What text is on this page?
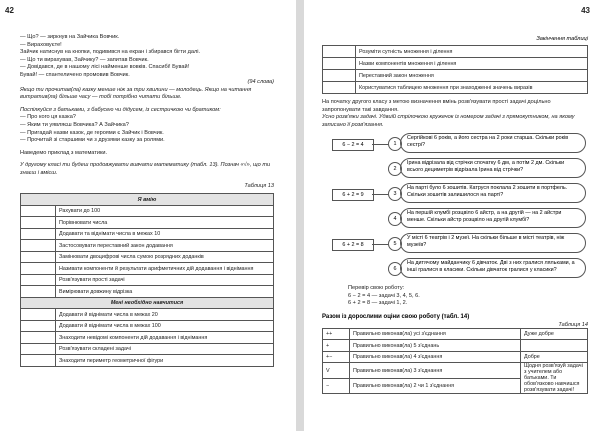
42
— Що? — зиркнув на Зайчика Вовчик.
— Вираховуєте!
Зайчик натиснув на кнопки, подивився на екран і збирався бігти далі.
— Що ти вирахував, Зайчику? — запитав Вовчик.
— Довідався, де в нашому лісі найменше вовків. Спасибі! Бувай!
Бувай! — спантеличено промовив Вовчик.
(94 слова)
Якщо ти прочитав(ла) казку менше ніж за три хвилини — молодець. Якщо на читання витратив(ла) більше часу — тобі потрібно читати більше.
Поспілкуйся з батьками, з бабусею чи дідусем, із сестричкою чи братиком:
— Про кого ця казка?
— Яким ти уявляєш Вовчика? А Зайчика?
— Пригадай назви казок, де героями є Зайчик і Вовчик.
— Прочитай зі старшими чи з друзями казку за ролями.
Наведемо приклад з математики.
У другому класі ти будеш продовжувати вивчати математику (табл. 13). Познач «√», що ти знаєш і вмієш.
Таблиця 13
Я вмію	
	Рахувати до 100
	Порівнювати числа
	Додавати та віднімати числа в межах 10
	Застосовувати переставний закон додавання
	Замінювати двоцифрові числа сумою розрядних доданків
	Називати компоненти й результати арифметичних дій додавання і віднімання
	Розв'язувати прості задачі
	Вимірювати довжину відрізка
Мені необхідно навчитися	
	Додавати й віднімати числа в межах 20
	Додавати й віднімати числа в межах 100
	Знаходити невідомі компоненти дій додавання і віднімання
	Розв'язувати складені задачі
	Знаходити периметр геометричної фігури
43
Закінчення таблиці
	Розуміти сутність множення і ділення
	Назви компонентів множення і ділення
	Переставний закон множення
	Користуватися таблицею множення при знаходженні значень виразів
На початку другого класу з метою визначення вмінь розв'язувати прості задачі доцільно запропонувати такі завдання.
Усно розв'яжи задачі. Удвиїй стрілочкою кружечок із номером задачі з прямокутником, на якому записано її розв'язання.
6 − 2 = 4	1
Сергійкові 6 років, а його сестра на 2 роки старша. Скільки років сестрі?
2
Ірина відрізала від стрічки спочатку 6 дм, а потім 2 дм. Скільки всього дециметрів відрізала Ірина від стрічки?
6 + 2 = 9	3
На парті було 6 зошитів. Катруся поклала 2 зошити в портфель. Скільки зошитів залишилося на парті?
4
На першій клумбі розцвіло 6 айстр, а на другій — на 2 айстри менше. Скільки айстр розцвіло на другій клумбі?
6 + 2 = 8	5
У місті 6 театрів і 2 музеї. На скільки більше в місті театрів, ніж музеїв?
6
На дитячому майданчику 6 дівчаток. Дві з них гралися ляльками, а інші гралися в класики. Скільки дівчаток гралися у класики?
Перевір свою роботу:
6 − 2 = 4 — задачі 3, 4, 5, 6.
6 + 2 = 8 — задачі 1, 2.
Разом із дорослими оціни свою роботу (табл. 14)
Таблиця 14
++	Правильно виконав(ла) усі з'єднання	Дуже добре
+	Правильно виконав(ла) 5 з'єднань	
+−	Правильно виконав(ла) 4 з'єднання	Добре
V	Правильно виконав(ла) 3 з'єднання	Щодня розв'язуй задачі з учителем або батьками. Ти обов'язково навчишся розв'язувати задачі!
−	Правильно виконав(ла) 2 чи 1 з'єднання	
